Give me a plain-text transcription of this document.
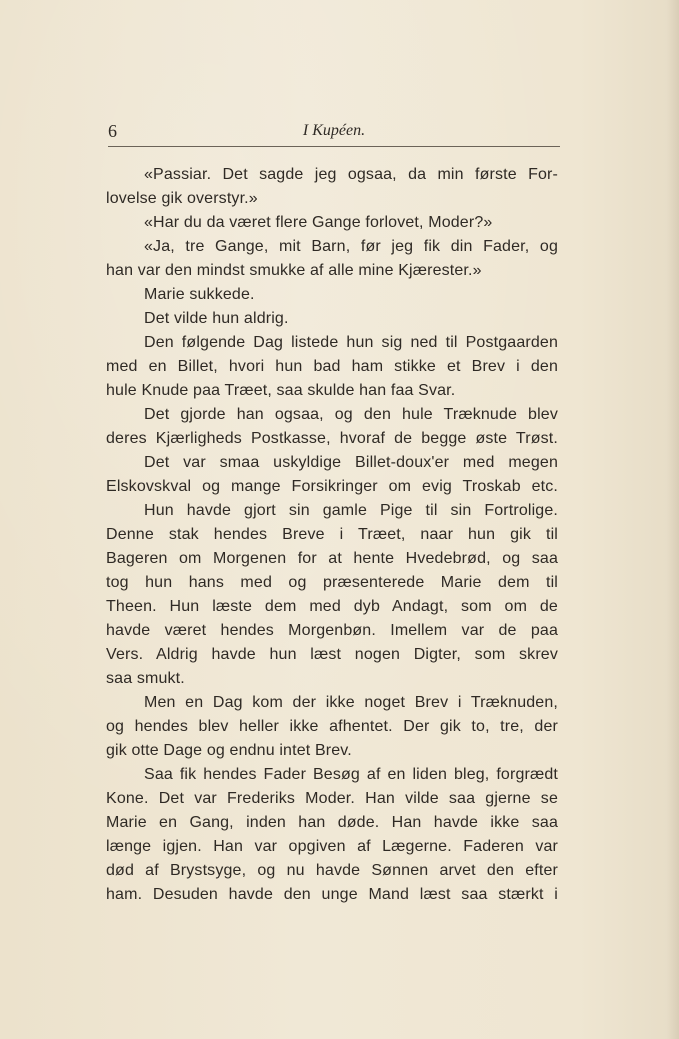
6	I Kupéen.
«Passiar. Det sagde jeg ogsaa, da min første For-
lovelse gik overstyr.»
«Har du da været flere Gange forlovet, Moder?»
«Ja, tre Gange, mit Barn, før jeg fik din Fader, og
han var den mindst smukke af alle mine Kjærester.»
Marie sukkede.
Det vilde hun aldrig.
Den følgende Dag listede hun sig ned til Postgaarden
med en Billet, hvori hun bad ham stikke et Brev i den
hule Knude paa Træet, saa skulde han faa Svar.
Det gjorde han ogsaa, og den hule Træknude blev
deres Kjærligheds Postkasse, hvoraf de begge øste Trøst.
Det var smaa uskyldige Billet-doux'er med megen
Elskovskval og mange Forsikringer om evig Troskab etc.
Hun havde gjort sin gamle Pige til sin Fortrolige.
Denne stak hendes Breve i Træet, naar hun gik til
Bageren om Morgenen for at hente Hvedebrød, og saa
tog hun hans med og præsenterede Marie dem til
Theen. Hun læste dem med dyb Andagt, som om de
havde været hendes Morgenbøn. Imellem var de paa
Vers. Aldrig havde hun læst nogen Digter, som skrev
saa smukt.
Men en Dag kom der ikke noget Brev i Træknuden,
og hendes blev heller ikke afhentet. Der gik to, tre, der
gik otte Dage og endnu intet Brev.
Saa fik hendes Fader Besøg af en liden bleg, forgrædt
Kone. Det var Frederiks Moder. Han vilde saa gjerne se
Marie en Gang, inden han døde. Han havde ikke saa
længe igjen. Han var opgiven af Lægerne. Faderen var
død af Brystsyge, og nu havde Sønnen arvet den efter
ham. Desuden havde den unge Mand læst saa stærkt i
